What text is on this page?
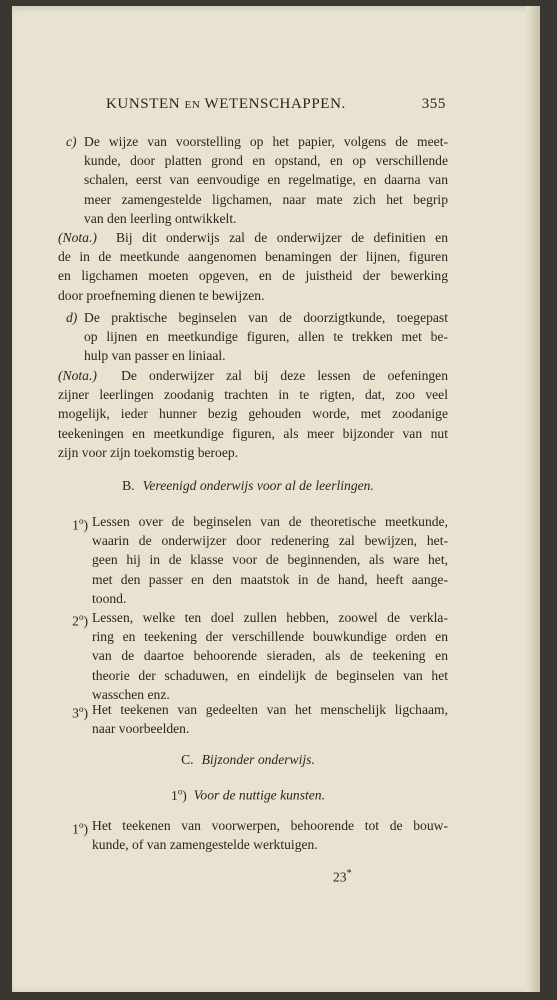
KUNSTEN EN WETENSCHAPPEN.	355
c) De wijze van voorstelling op het papier, volgens de meet-
kunde, door platten grond en opstand, en op verschillende
schalen, eerst van eenvoudige en regelmatige, en daarna van
meer zamengestelde ligchamen, naar mate zich het begrip
van den leerling ontwikkelt.
(Nota.) Bij dit onderwijs zal de onderwijzer de definitien en
de in de meetkunde aangenomen benamingen der lijnen, figuren
en ligchamen moeten opgeven, en de juistheid der bewerking
door proefneming dienen te bewijzen.
d) De praktische beginselen van de doorzigtkunde, toegepast
op lijnen en meetkundige figuren, allen te trekken met be-
hulp van passer en liniaal.
(Nota.) De onderwijzer zal bij deze lessen de oefeningen
zijner leerlingen zoodanig trachten in te rigten, dat, zoo veel
mogelijk, ieder hunner bezig gehouden worde, met zoodanige
teekeningen en meetkundige figuren, als meer bijzonder van nut
zijn voor zijn toekomstig beroep.
B. Vereenigd onderwijs voor al de leerlingen.
1$^o$) Lessen over de beginselen van de theoretische meetkunde,
waarin de onderwijzer door redenering zal bewijzen, het-
geen hij in de klasse voor de beginnenden, als ware het,
met den passer en den maatstok in de hand, heeft aange-
toond.
2$^o$) Lessen, welke ten doel zullen hebben, zoowel de verkla-
ring en teekening der verschillende bouwkundige orden en
van de daartoe behoorende sieraden, als de teekening en
theorie der schaduwen, en eindelijk de beginselen van het
wasschen enz.
3$^o$) Het teekenen van gedeelten van het menschelijk ligchaam,
naar voorbeelden.
C. Bijzonder onderwijs.
1$^o$) Voor de nuttige kunsten.
1$^o$) Het teekenen van voorwerpen, behoorende tot de bouw-
kunde, of van zamengestelde werktuigen.
23*
